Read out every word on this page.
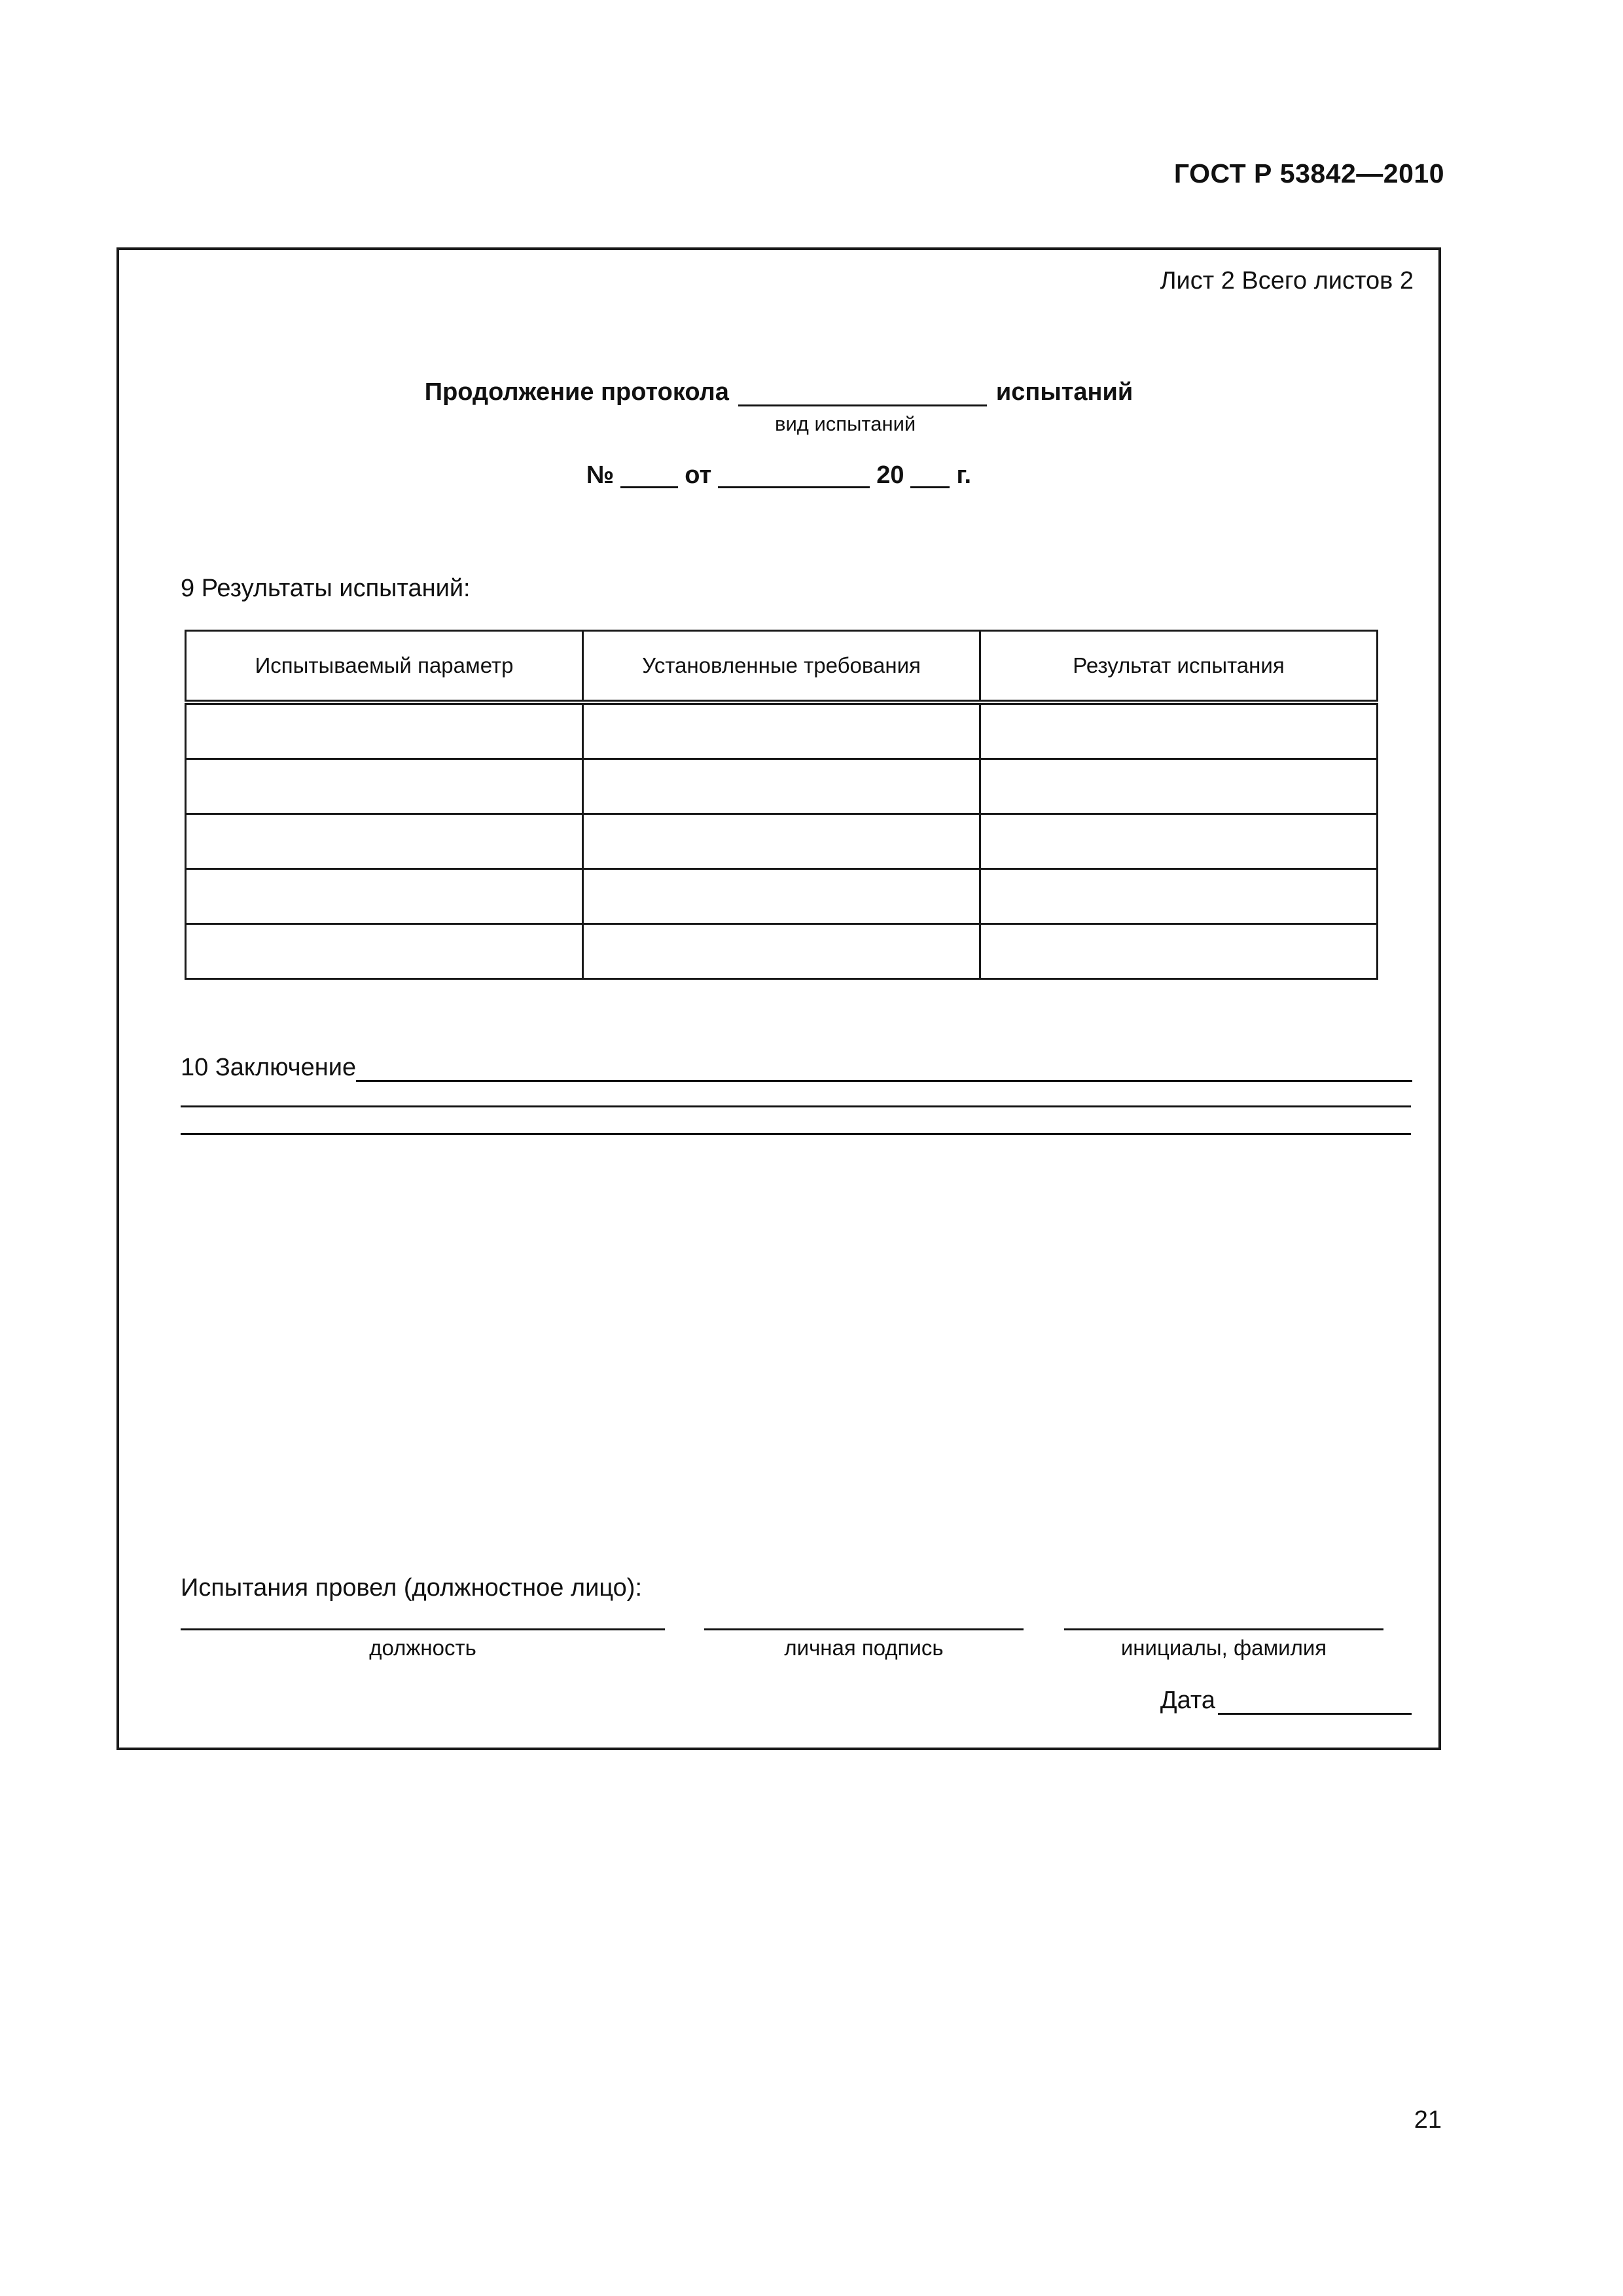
ГОСТ Р 53842—2010
Лист 2 Всего листов 2
Продолжение протокола	испытаний
вид испытаний
№	от	20 г.
9 Результаты испытаний:
Испытываемый параметр	Установленные требования	Результат испытания

10 Заключение
Испытания провел (должностное лицо):
должность	личная подпись	инициалы, фамилия
Дата
21
